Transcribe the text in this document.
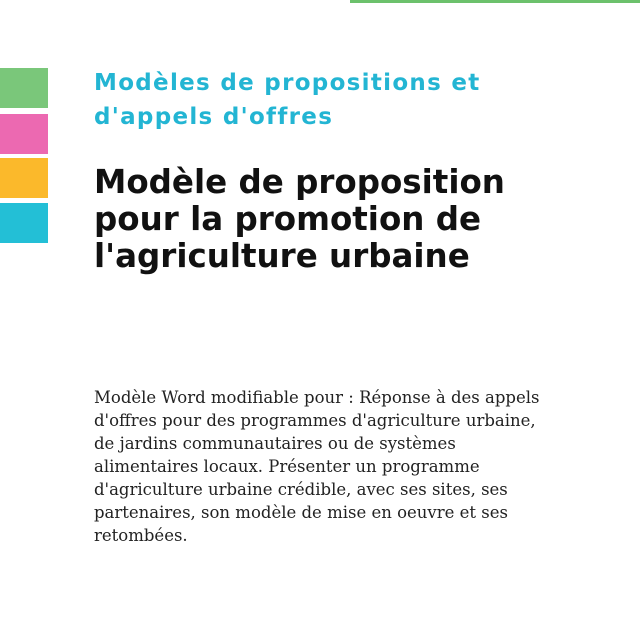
Modèles de propositions et d'appels d'offres
Modèle de proposition pour la promotion de l'agriculture urbaine
Modèle Word modifiable pour : Réponse à des appels d'offres pour des programmes d'agriculture urbaine, de jardins communautaires ou de systèmes alimentaires locaux. Présenter un programme d'agriculture urbaine crédible, avec ses sites, ses partenaires, son modèle de mise en oeuvre et ses retombées.
